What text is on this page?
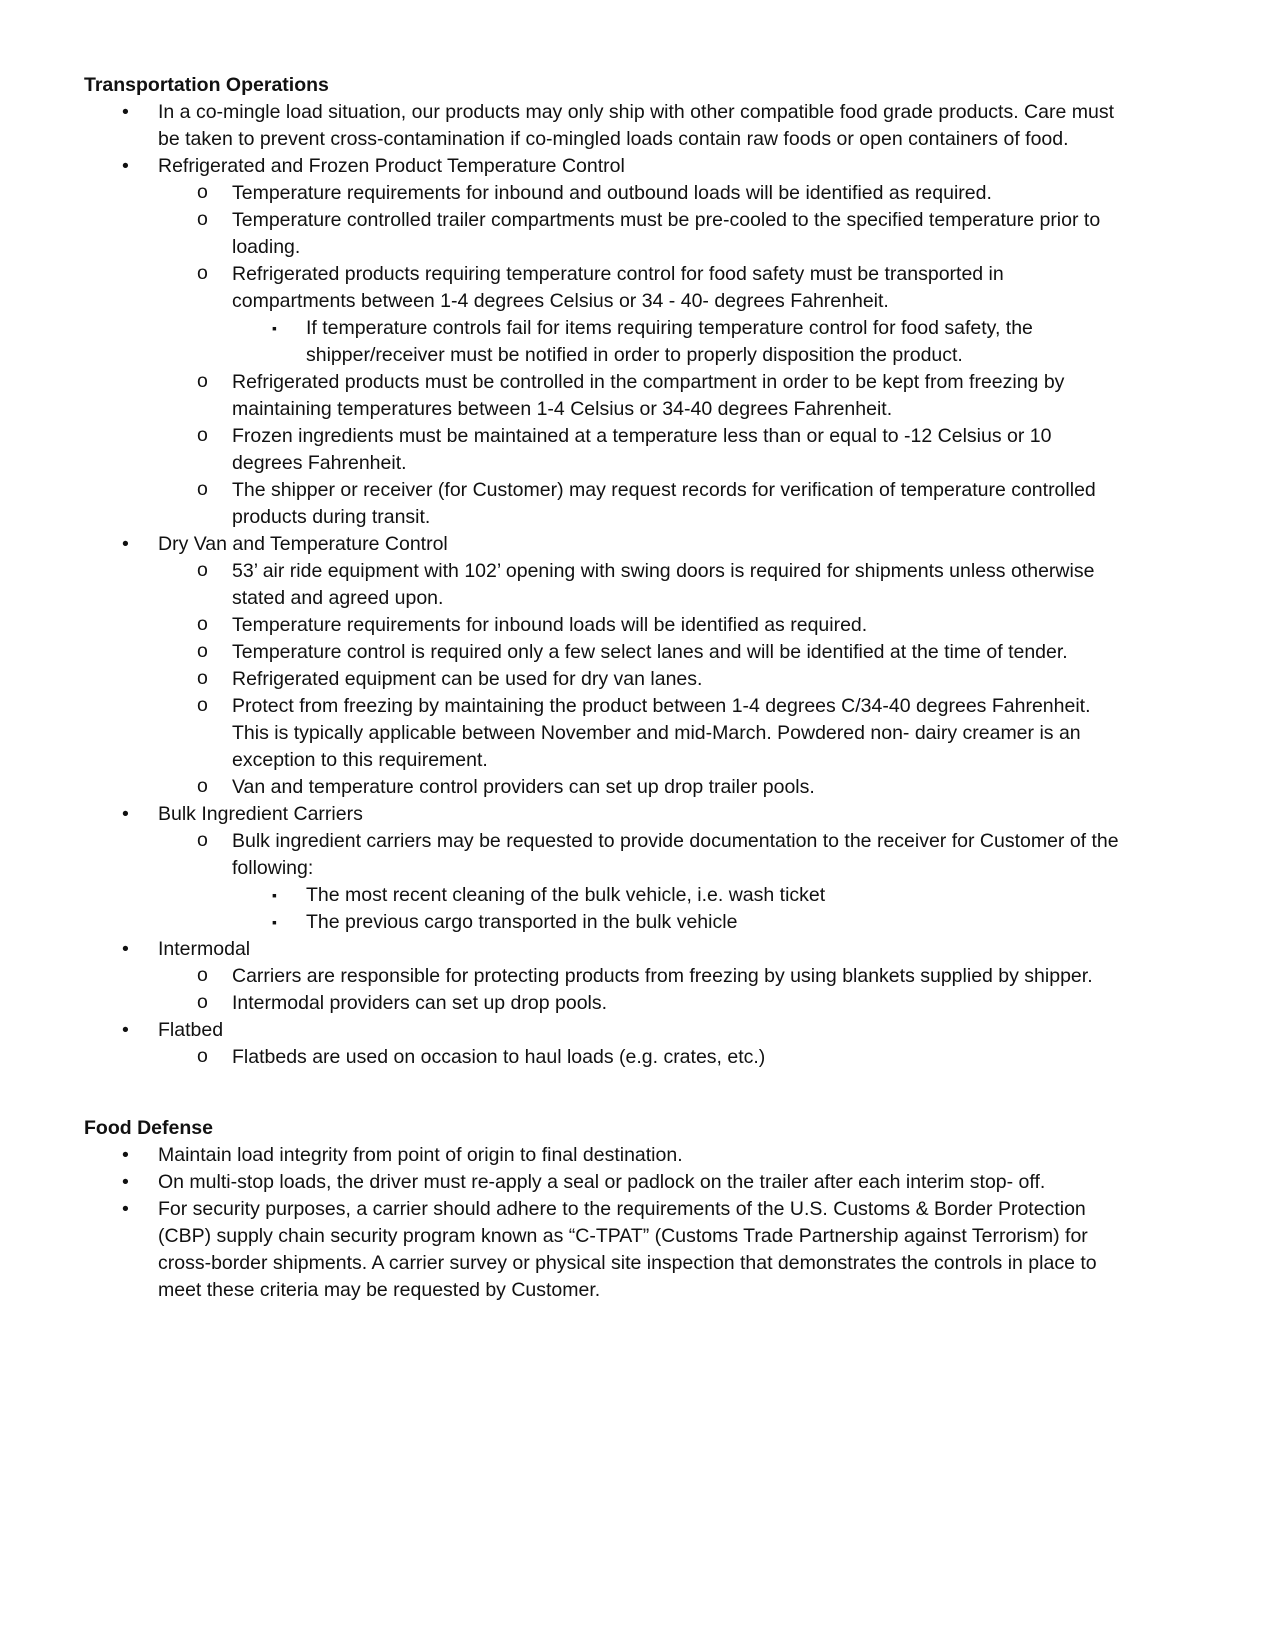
Transportation Operations
• In a co-mingle load situation, our products may only ship with other compatible food grade products. Care must be taken to prevent cross-contamination if co-mingled loads contain raw foods or open containers of food.
• Refrigerated and Frozen Product Temperature Control
o Temperature requirements for inbound and outbound loads will be identified as required.
o Temperature controlled trailer compartments must be pre-cooled to the specified temperature prior to loading.
o Refrigerated products requiring temperature control for food safety must be transported in compartments between 1-4 degrees Celsius or 34 - 40- degrees Fahrenheit.
▪ If temperature controls fail for items requiring temperature control for food safety, the shipper/receiver must be notified in order to properly disposition the product.
o Refrigerated products must be controlled in the compartment in order to be kept from freezing by maintaining temperatures between 1-4 Celsius or 34-40 degrees Fahrenheit.
o Frozen ingredients must be maintained at a temperature less than or equal to -12 Celsius or 10 degrees Fahrenheit.
o The shipper or receiver (for Customer) may request records for verification of temperature controlled products during transit.
• Dry Van and Temperature Control
o 53’ air ride equipment with 102’ opening with swing doors is required for shipments unless otherwise stated and agreed upon.
o Temperature requirements for inbound loads will be identified as required.
o Temperature control is required only a few select lanes and will be identified at the time of tender.
o Refrigerated equipment can be used for dry van lanes.
o Protect from freezing by maintaining the product between 1-4 degrees C/34-40 degrees Fahrenheit. This is typically applicable between November and mid-March. Powdered non- dairy creamer is an exception to this requirement.
o Van and temperature control providers can set up drop trailer pools.
• Bulk Ingredient Carriers
o Bulk ingredient carriers may be requested to provide documentation to the receiver for Customer of the following:
▪ The most recent cleaning of the bulk vehicle, i.e. wash ticket
▪ The previous cargo transported in the bulk vehicle
• Intermodal
o Carriers are responsible for protecting products from freezing by using blankets supplied by shipper.
o Intermodal providers can set up drop pools.
• Flatbed
o Flatbeds are used on occasion to haul loads (e.g. crates, etc.)
Food Defense
• Maintain load integrity from point of origin to final destination.
• On multi-stop loads, the driver must re-apply a seal or padlock on the trailer after each interim stop- off.
• For security purposes, a carrier should adhere to the requirements of the U.S. Customs & Border Protection (CBP) supply chain security program known as “C-TPAT” (Customs Trade Partnership against Terrorism) for cross-border shipments. A carrier survey or physical site inspection that demonstrates the controls in place to meet these criteria may be requested by Customer.
